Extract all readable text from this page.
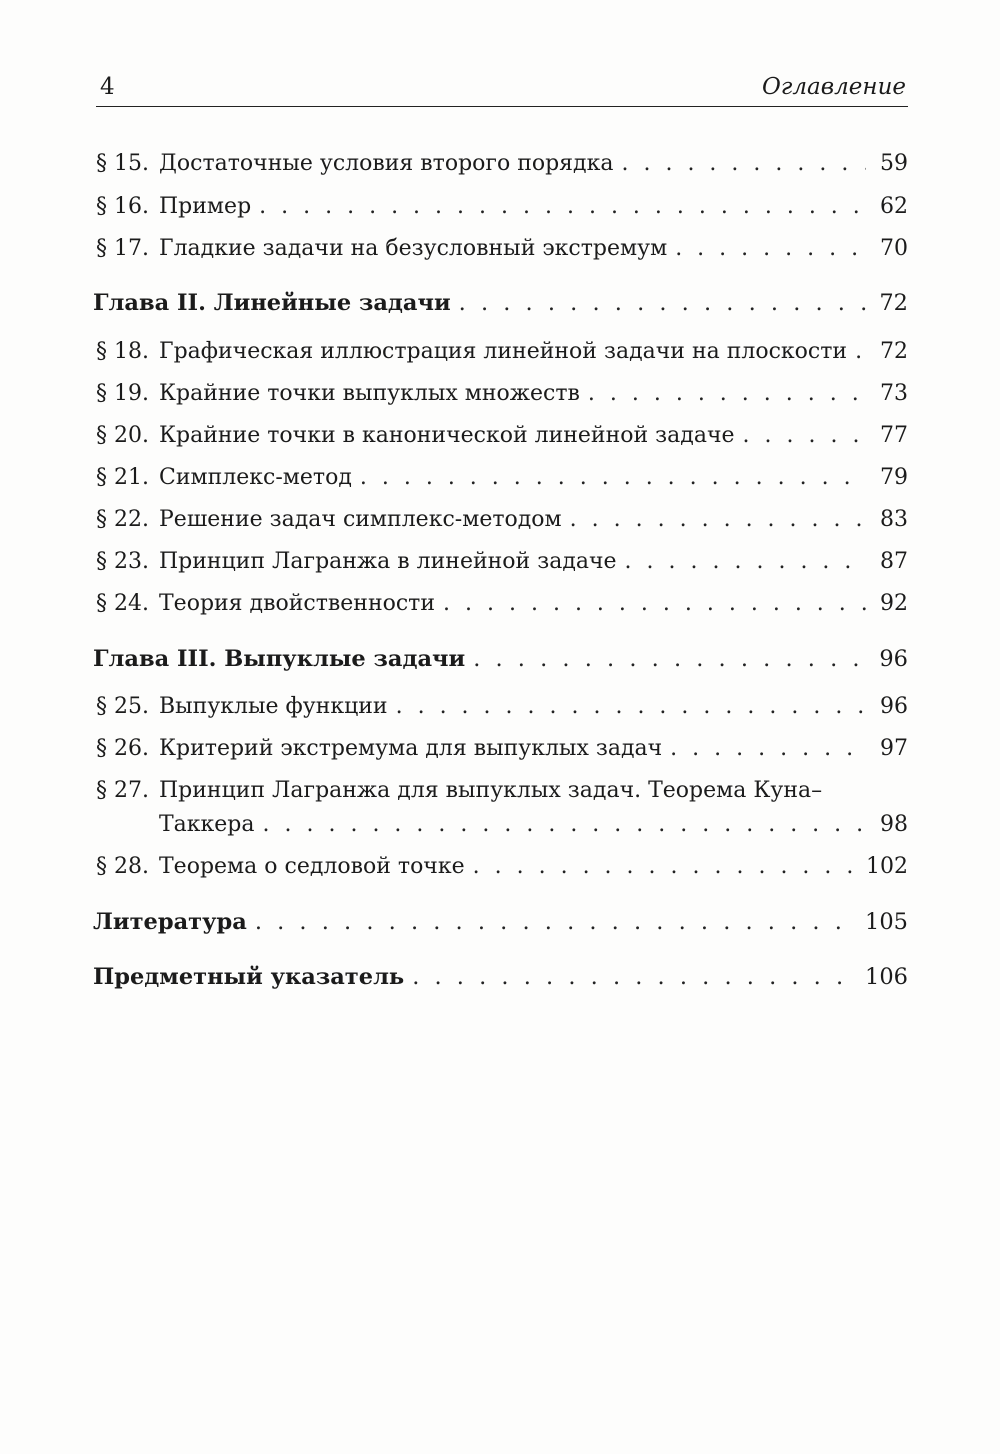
4	Оглавление
§ 15. Достаточные условия второго порядка . . .	59
§ 16. Пример . . .	62
§ 17. Гладкие задачи на безусловный экстремум . . .	70
Глава II. Линейные задачи . . .	72
§ 18. Графическая иллюстрация линейной задачи на плоскости . . . 72
§ 19. Крайние точки выпуклых множеств . . .	73
§ 20. Крайние точки в канонической линейной задаче . . .	77
§ 21. Симплекс-метод . . .	79
§ 22. Решение задач симплекс-методом . . .	83
§ 23. Принцип Лагранжа в линейной задаче . . .	87
§ 24. Теория двойственности . . .	92
Глава III. Выпуклые задачи . . .	96
§ 25. Выпуклые функции . . .	96
§ 26. Критерий экстремума для выпуклых задач . . .	97
§ 27. Принцип Лагранжа для выпуклых задач. Теорема Куна–
Таккера . . .	98
§ 28. Теорема о седловой точке . . .	102
Литература . . .	105
Предметный указатель . . .	106
